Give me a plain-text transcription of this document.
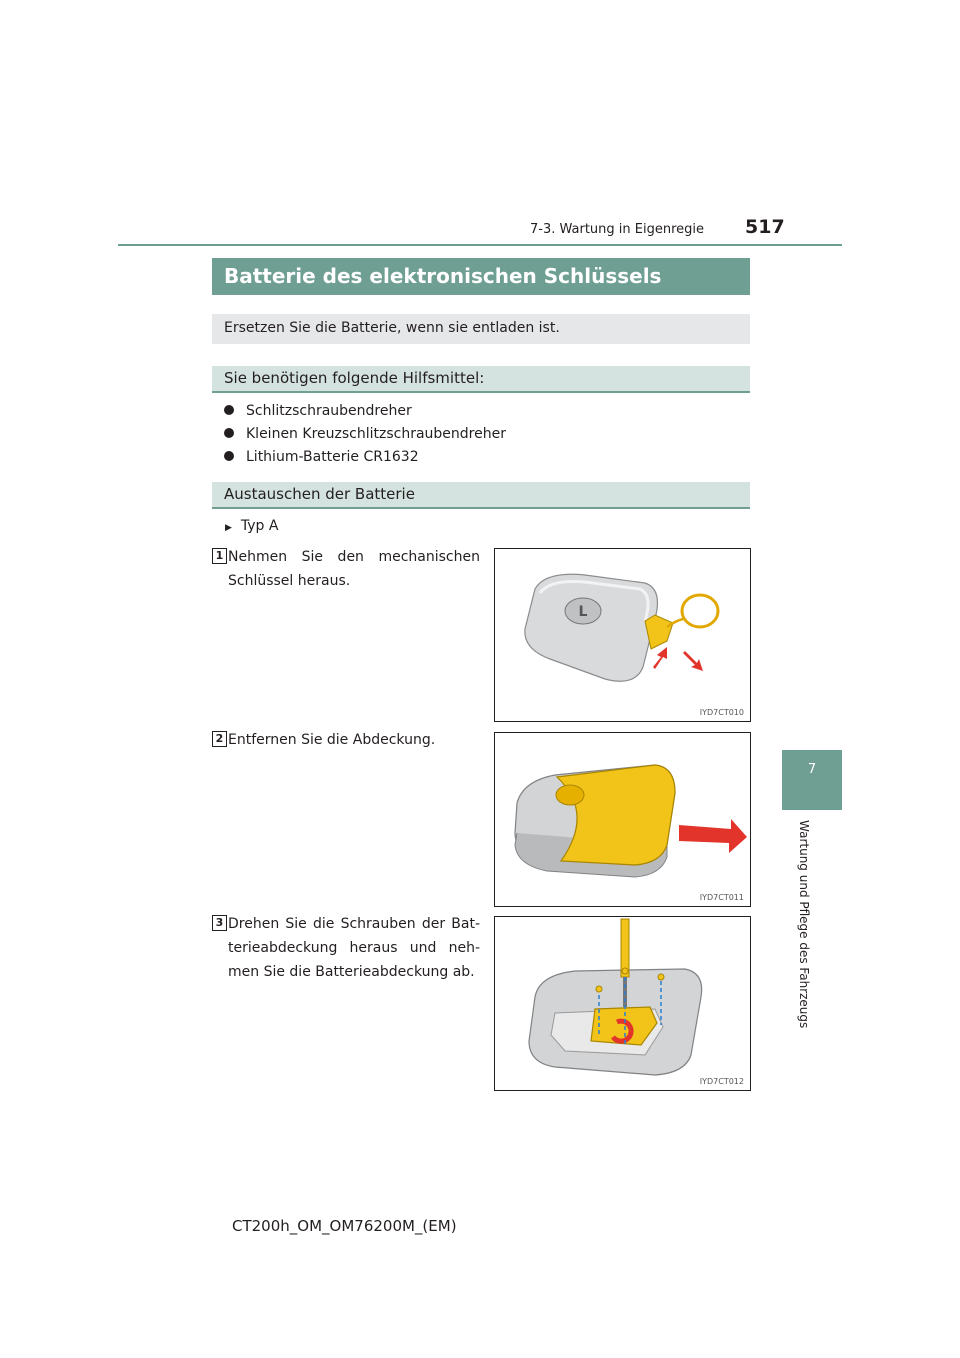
7-3. Wartung in Eigenregie 517
7
Wartung und Pflege des Fahrzeugs
Batterie des elektronischen Schlüssels
Ersetzen Sie die Batterie, wenn sie entladen ist.
Sie benötigen folgende Hilfsmittel:
Schlitzschraubendreher
Kleinen Kreuzschlitzschraubendreher
Lithium-Batterie CR1632
Austauschen der Batterie
▶ Typ A
1 Nehmen Sie den mechanischen Schlüssel heraus.
L
IYD7CT010
2 Entfernen Sie die Abdeckung.
IYD7CT011
3 Drehen Sie die Schrauben der Bat-terieabdeckung heraus und neh-men Sie die Batterieabdeckung ab.
IYD7CT012
CT200h_OM_OM76200M_(EM)
